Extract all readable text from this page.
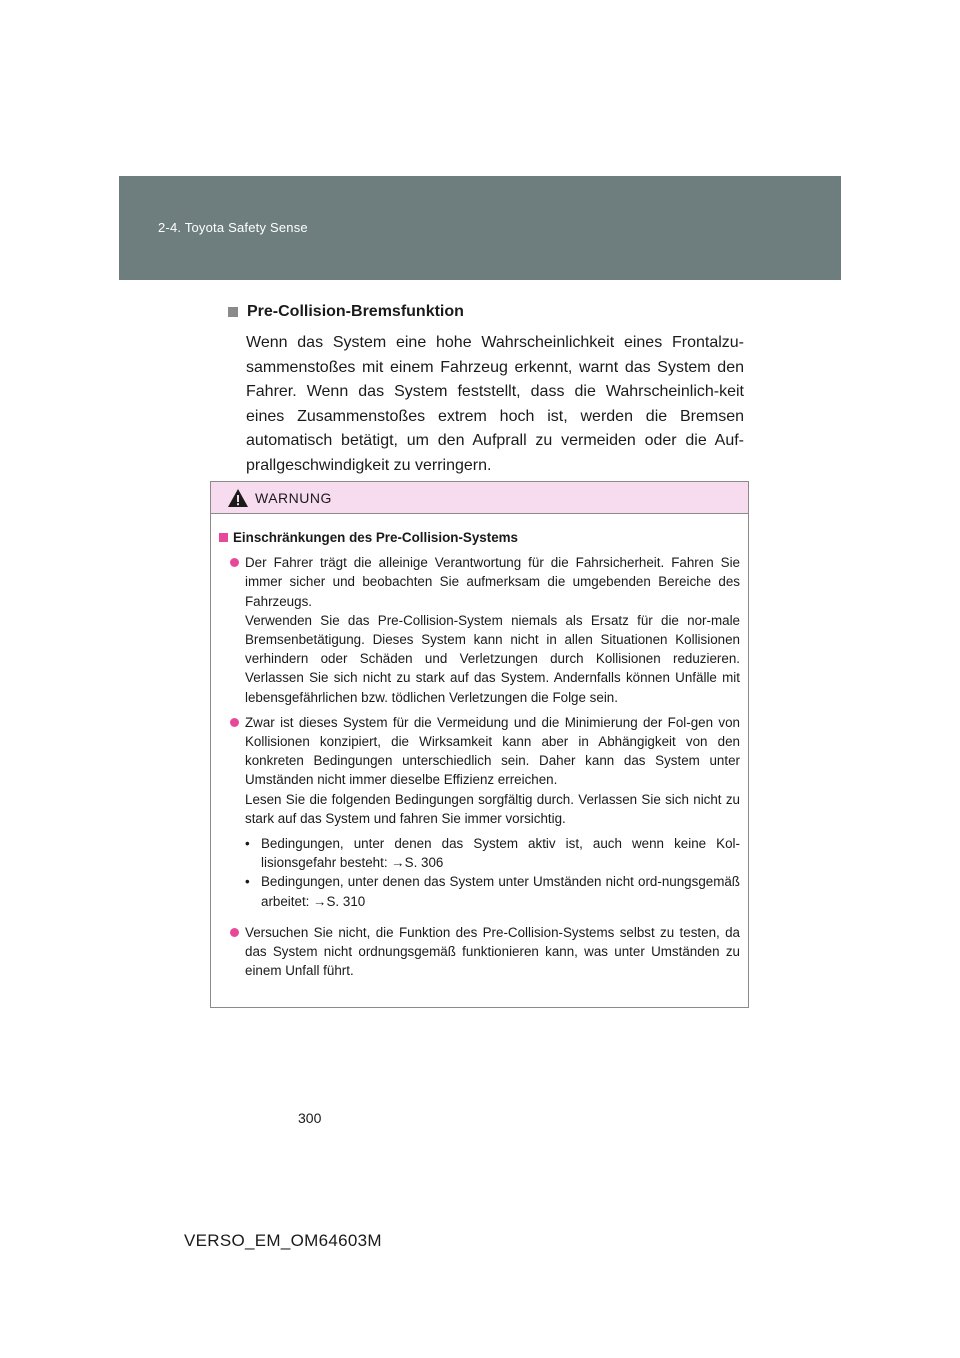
2-4. Toyota Safety Sense
Pre-Collision-Bremsfunktion
Wenn das System eine hohe Wahrscheinlichkeit eines Frontalzu-sammenstoßes mit einem Fahrzeug erkennt, warnt das System den Fahrer. Wenn das System feststellt, dass die Wahrscheinlich-keit eines Zusammenstoßes extrem hoch ist, werden die Bremsen automatisch betätigt, um den Aufprall zu vermeiden oder die Auf-prallgeschwindigkeit zu verringern.
WARNUNG
Einschränkungen des Pre-Collision-Systems

Der Fahrer trägt die alleinige Verantwortung für die Fahrsicherheit. Fahren Sie immer sicher und beobachten Sie aufmerksam die umgebenden Bereiche des Fahrzeugs.

Verwenden Sie das Pre-Collision-System niemals als Ersatz für die nor-male Bremsenbetätigung. Dieses System kann nicht in allen Situationen Kollisionen verhindern oder Schäden und Verletzungen durch Kollisionen reduzieren. Verlassen Sie sich nicht zu stark auf das System. Andernfalls können Unfälle mit lebensgefährlichen bzw. tödlichen Verletzungen die Folge sein.

Zwar ist dieses System für die Vermeidung und die Minimierung der Fol-gen von Kollisionen konzipiert, die Wirksamkeit kann aber in Abhängigkeit von den konkreten Bedingungen unterschiedlich sein. Daher kann das System unter Umständen nicht immer dieselbe Effizienz erreichen.

Lesen Sie die folgenden Bedingungen sorgfältig durch. Verlassen Sie sich nicht zu stark auf das System und fahren Sie immer vorsichtig.

• Bedingungen, unter denen das System aktiv ist, auch wenn keine Kol-lisionsgefahr besteht: →S. 306
• Bedingungen, unter denen das System unter Umständen nicht ord-nungsgemäß arbeitet: →S. 310

Versuchen Sie nicht, die Funktion des Pre-Collision-Systems selbst zu testen, da das System nicht ordnungsgemäß funktionieren kann, was unter Umständen zu einem Unfall führt.

300
VERSO_EM_OM64603M
